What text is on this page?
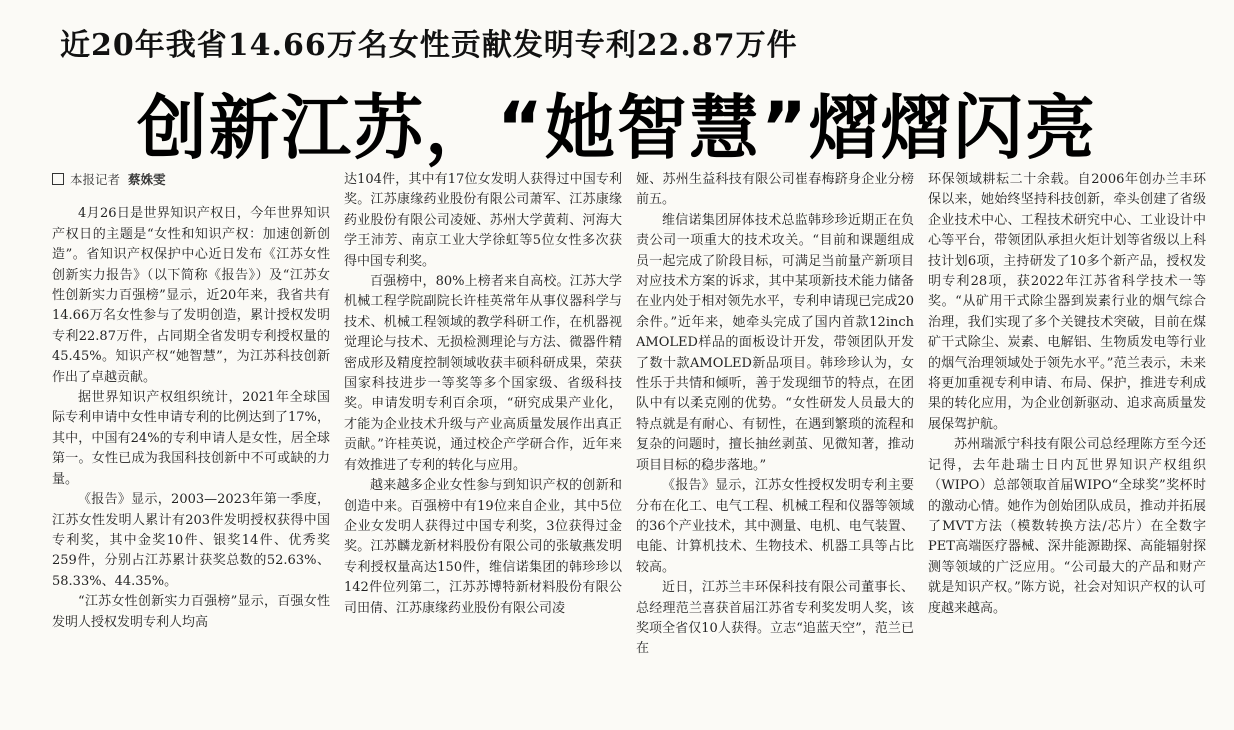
近20年我省14.66万名女性贡献发明专利22.87万件
创新江苏，“她智慧”熠熠闪亮

本报记者 蔡姝雯

4月26日是世界知识产权日，今年世界知识产权日的主题是“女性和知识产权：加速创新创造”。省知识产权保护中心近日发布《江苏女性创新实力报告》（以下简称《报告》）及“江苏女性创新实力百强榜”显示，近20年来，我省共有14.66万名女性参与了发明创造，累计授权发明专利22.87万件，占同期全省发明专利授权量的45.45%。知识产权“她智慧”，为江苏科技创新作出了卓越贡献。

据世界知识产权组织统计，2021年全球国际专利申请中女性申请专利的比例达到了17%，其中，中国有24%的专利申请人是女性，居全球第一。女性已成为我国科技创新中不可或缺的力量。

《报告》显示，2003—2023年第一季度，江苏女性发明人累计有203件发明授权获得中国专利奖，其中金奖10件、银奖14件、优秀奖259件，分别占江苏累计获奖总数的52.63%、58.33%、44.35%。

“江苏女性创新实力百强榜”显示，百强女性发明人授权发明专利人均高

达104件，其中有17位女发明人获得过中国专利奖。江苏康缘药业股份有限公司萧军、江苏康缘药业股份有限公司凌娅、苏州大学黄莉、河海大学王沛芳、南京工业大学徐虹等5位女性多次获得中国专利奖。

百强榜中，80%上榜者来自高校。江苏大学机械工程学院副院长许桂英常年从事仪器科学与技术、机械工程领域的教学科研工作，在机器视觉理论与技术、无损检测理论与方法、微器件精密成形及精度控制领域收获丰硕科研成果，荣获国家科技进步一等奖等多个国家级、省级科技奖。申请发明专利百余项，“研究成果产业化，才能为企业技术升级与产业高质量发展作出真正贡献。”许桂英说，通过校企产学研合作，近年来有效推进了专利的转化与应用。

越来越多企业女性参与到知识产权的创新和创造中来。百强榜中有19位来自企业，其中5位企业女发明人获得过中国专利奖，3位获得过金奖。江苏麟龙新材料股份有限公司的张敏燕发明专利授权量高达150件，维信诺集团的韩珍珍以142件位列第二，江苏苏博特新材料股份有限公司田倩、江苏康缘药业股份有限公司凌

娅、苏州生益科技有限公司崔春梅跻身企业分榜前五。

维信诺集团屏体技术总监韩珍珍近期正在负责公司一项重大的技术攻关。“目前和课题组成员一起完成了阶段目标，可满足当前量产新项目对应技术方案的诉求，其中某项新技术能力储备在业内处于相对领先水平，专利申请现已完成20余件。”近年来，她牵头完成了国内首款12inch AMOLED样品的面板设计开发，带领团队开发了数十款AMOLED新品项目。韩珍珍认为，女性乐于共情和倾听，善于发现细节的特点，在团队中有以柔克刚的优势。“女性研发人员最大的特点就是有耐心、有韧性，在遇到繁琐的流程和复杂的问题时，擅长抽丝剥茧、见微知著，推动项目目标的稳步落地。”

《报告》显示，江苏女性授权发明专利主要分布在化工、电气工程、机械工程和仪器等领域的36个产业技术，其中测量、电机、电气装置、电能、计算机技术、生物技术、机器工具等占比较高。

近日，江苏兰丰环保科技有限公司董事长、总经理范兰喜获首届江苏省专利奖发明人奖，该奖项全省仅10人获得。立志“追蓝天空”，范兰已在

环保领域耕耘二十余载。自2006年创办兰丰环保以来，她始终坚持科技创新，牵头创建了省级企业技术中心、工程技术研究中心、工业设计中心等平台，带领团队承担火炬计划等省级以上科技计划6项，主持研发了10多个新产品，授权发明专利28项，获2022年江苏省科学技术一等奖。“从矿用干式除尘器到炭素行业的烟气综合治理，我们实现了多个关键技术突破，目前在煤矿干式除尘、炭素、电解铝、生物质发电等行业的烟气治理领域处于领先水平。”范兰表示，未来将更加重视专利申请、布局、保护，推进专利成果的转化应用，为企业创新驱动、追求高质量发展保驾护航。

苏州瑞派宁科技有限公司总经理陈方至今还记得，去年赴瑞士日内瓦世界知识产权组织（WIPO）总部领取首届WIPO“全球奖”奖杯时的激动心情。她作为创始团队成员，推动并拓展了MVT方法（模数转换方法/芯片）在全数字PET高端医疗器械、深井能源勘探、高能辐射探测等领域的广泛应用。“公司最大的产品和财产就是知识产权。”陈方说，社会对知识产权的认可度越来越高。
